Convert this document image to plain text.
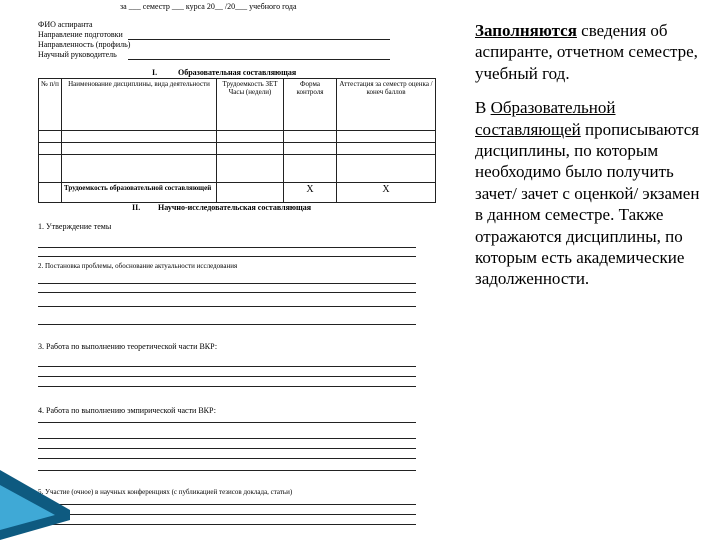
за ___ семестр ___ курса 20__ /20___ учебного года
ФИО аспиранта
Направление подготовки
Направленность (профиль)
Научный руководитель
I.	Образовательная составляющая
№ п/п	Наименование дисциплины, вида деятельности	Трудоемкость ЗЕТ Часы (недели)	Форма контроля	Аттестация за семестр оценка / конеч баллов

	Трудоемкость образовательной составляющей		X	X
II. Научно-исследовательская составляющая
1. Утверждение темы
2. Постановка проблемы, обоснование актуальности исследования
3. Работа по выполнению теоретической части ВКР:
4. Работа по выполнению эмпирической части ВКР:
5. Участие (очное) в научных конференциях (с публикацией тезисов доклада, статьи)
Заполняются сведения об аспиранте, отчетном семестре, учебный год.
В Образовательной составляющей прописываются дисциплины, по которым необходимо было получить зачет/ зачет с оценкой/ экзамен в данном семестре. Также отражаются дисциплины, по которым есть академические задолженности.
